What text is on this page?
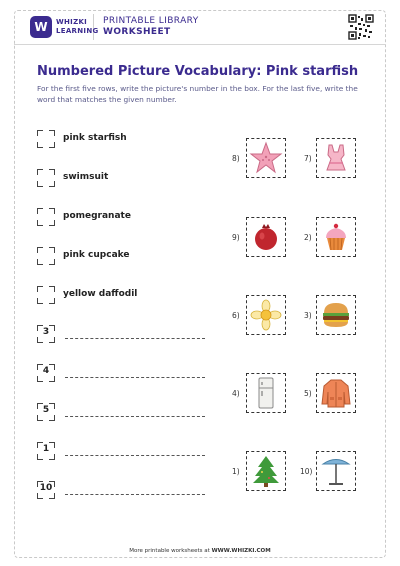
W	WHIZKI
LEARNING
PRINTABLE LIBRARY
WORKSHEET
Numbered Picture Vocabulary: Pink starfish
For the first five rows, write the picture's number in the box. For the last five, write the word that matches the given number.
pink starfish
swimsuit
pomegranate
pink cupcake
yellow daffodil
3
4
5
1
10
8)	7)
9)	2)
6)	3)
4)	5)
1)	10)
More printable worksheets at WWW.WHIZKI.COM
